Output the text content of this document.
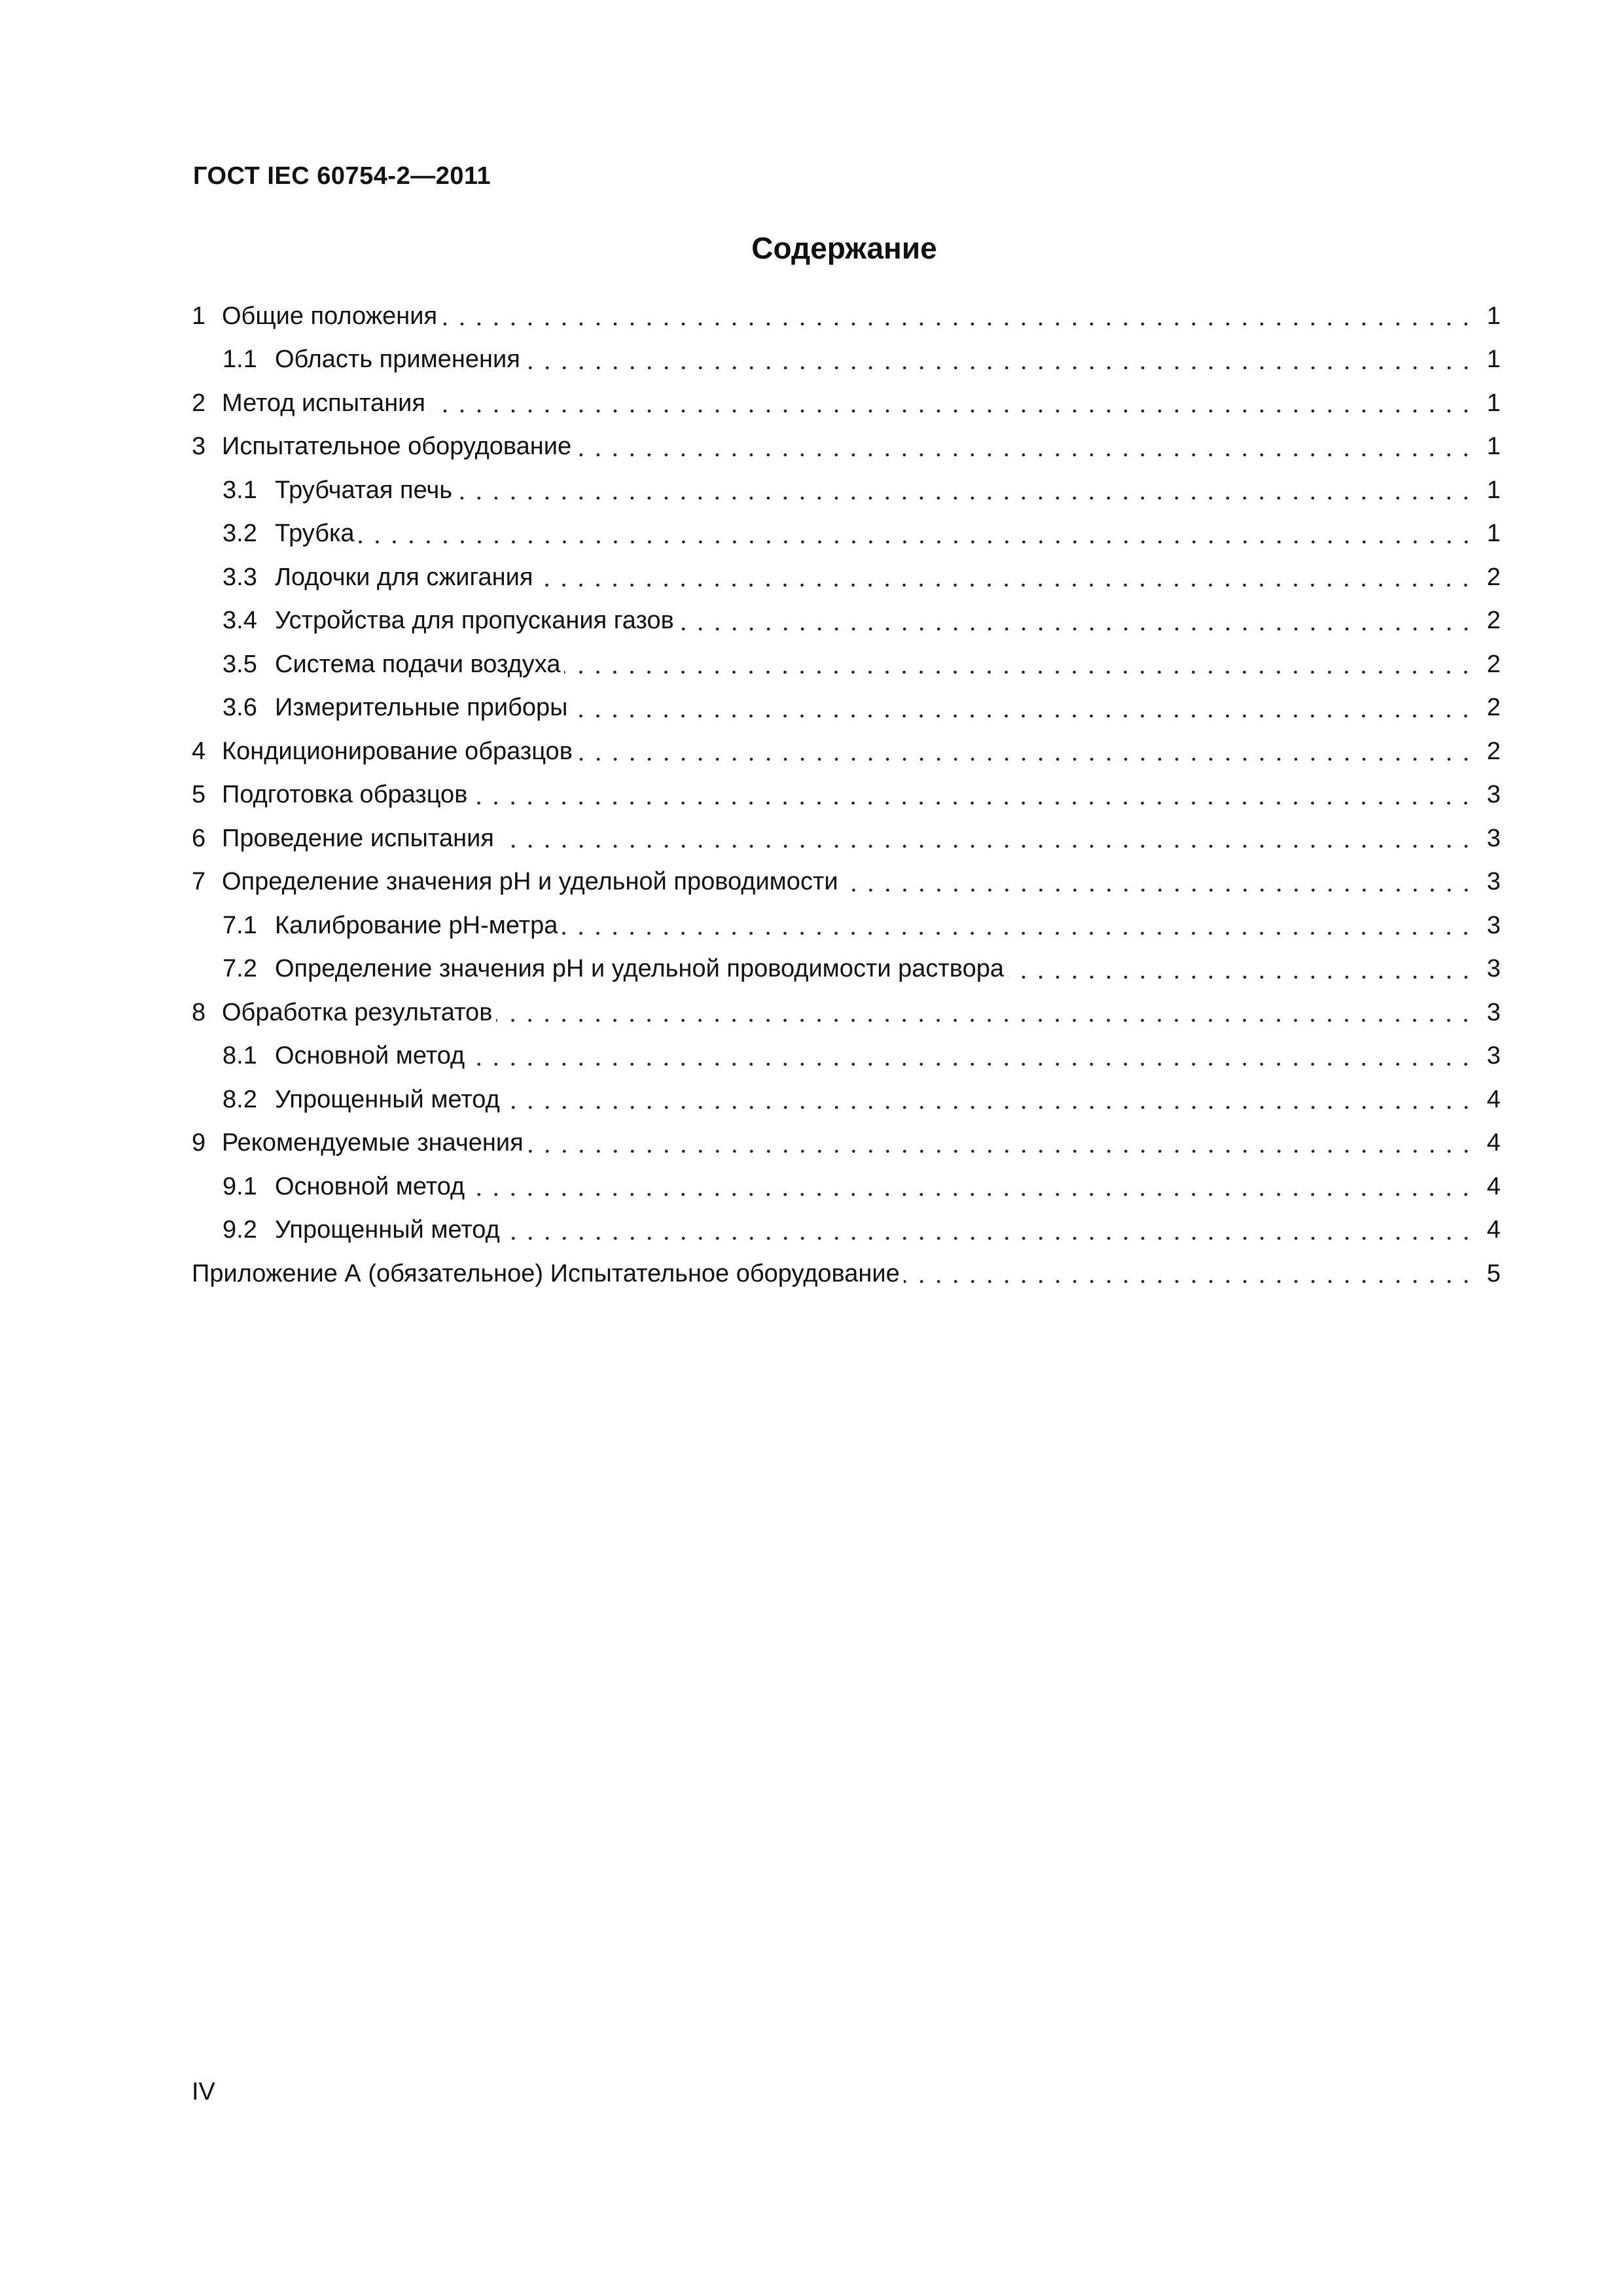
ГОСТ IEC 60754-2—2011
Содержание
1 Общие положения	1
1.1 Область применения	1
2 Метод испытания	1
3 Испытательное оборудование	1
3.1 Трубчатая печь	1
3.2 Трубка	1
3.3 Лодочки для сжигания	2
3.4 Устройства для пропускания газов	2
3.5 Система подачи воздуха	2
3.6 Измерительные приборы	2
4 Кондиционирование образцов	2
5 Подготовка образцов	3
6 Проведение испытания	3
7 Определение значения рН и удельной проводимости	3
7.1 Калибрование рН-метра	3
7.2 Определение значения рН и удельной проводимости раствора	3
8 Обработка результатов	3
8.1 Основной метод	3
8.2 Упрощенный метод	4
9 Рекомендуемые значения	4
9.1 Основной метод	4
9.2 Упрощенный метод	4
Приложение А (обязательное) Испытательное оборудование	5
IV
